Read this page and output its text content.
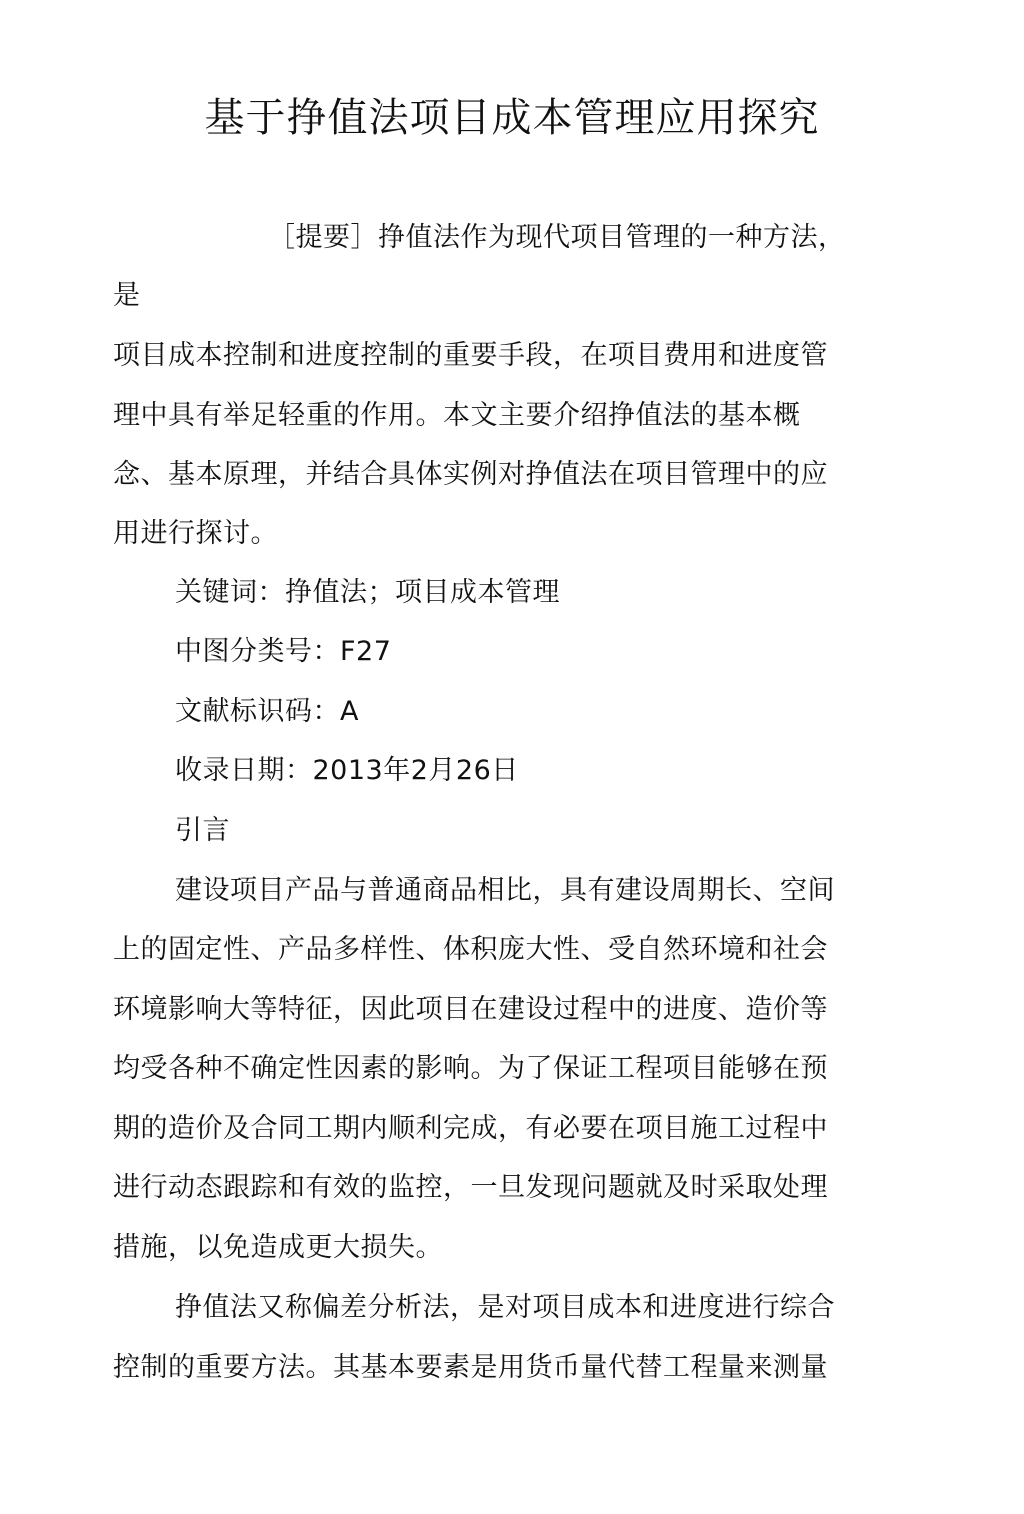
基于挣值法项目成本管理应用探究
［提要］挣值法作为现代项目管理的一种方法，
是
项目成本控制和进度控制的重要手段，在项目费用和进度管
理中具有举足轻重的作用。本文主要介绍挣值法的基本概
念、基本原理，并结合具体实例对挣值法在项目管理中的应
用进行探讨。
关键词：挣值法；项目成本管理
中图分类号：F27
文献标识码：A
收录日期：2013年2月26日
引言
建设项目产品与普通商品相比，具有建设周期长、空间
上的固定性、产品多样性、体积庞大性、受自然环境和社会
环境影响大等特征，因此项目在建设过程中的进度、造价等
均受各种不确定性因素的影响。为了保证工程项目能够在预
期的造价及合同工期内顺利完成，有必要在项目施工过程中
进行动态跟踪和有效的监控，一旦发现问题就及时采取处理
措施，以免造成更大损失。
挣值法又称偏差分析法，是对项目成本和进度进行综合
控制的重要方法。其基本要素是用货币量代替工程量来测量
